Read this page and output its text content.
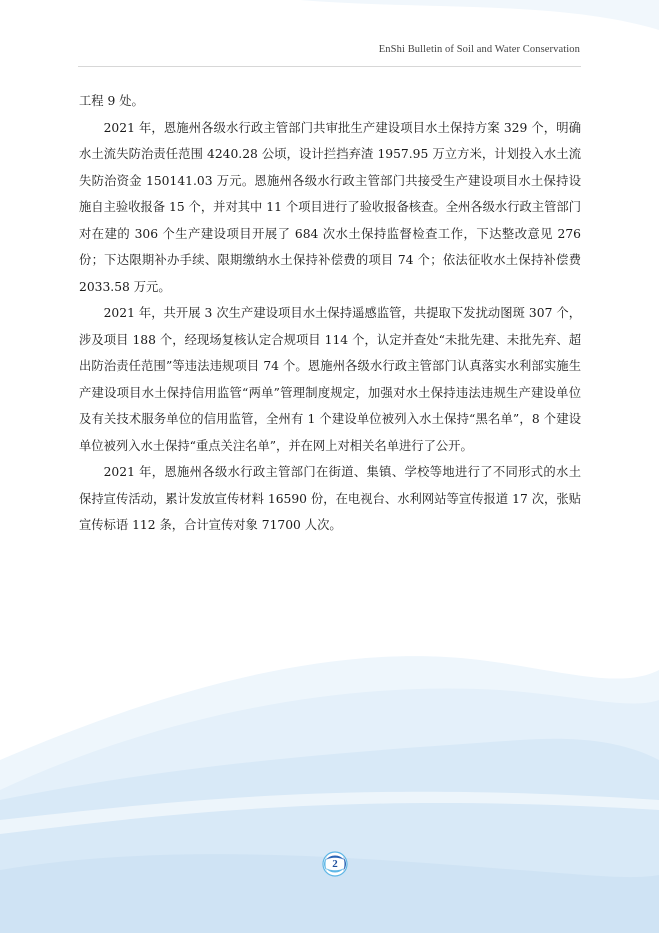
EnShi Bulletin of Soil and Water Conservation

工程 9 处。

2021 年，恩施州各级水行政主管部门共审批生产建设项目水土保持方案 329 个，明确水土流失防治责任范围 4240.28 公顷，设计拦挡弃渣 1957.95 万立方米，计划投入水土流失防治资金 150141.03 万元。恩施州各级水行政主管部门共接受生产建设项目水土保持设施自主验收报备 15 个，并对其中 11 个项目进行了验收报备核查。全州各级水行政主管部门对在建的 306 个生产建设项目开展了 684 次水土保持监督检查工作，下达整改意见 276 份；下达限期补办手续、限期缴纳水土保持补偿费的项目 74 个；依法征收水土保持补偿费 2033.58 万元。

2021 年，共开展 3 次生产建设项目水土保持遥感监管，共提取下发扰动图斑 307 个，涉及项目 188 个，经现场复核认定合规项目 114 个，认定并查处“未批先建、未批先弃、超出防治责任范围”等违法违规项目 74 个。恩施州各级水行政主管部门认真落实水利部实施生产建设项目水土保持信用监管“两单”管理制度规定，加强对水土保持违法违规生产建设单位及有关技术服务单位的信用监管，全州有 1 个建设单位被列入水土保持“黑名单”，8 个建设单位被列入水土保持“重点关注名单”，并在网上对相关名单进行了公开。

2021 年，恩施州各级水行政主管部门在街道、集镇、学校等地进行了不同形式的水土保持宣传活动，累计发放宣传材料 16590 份，在电视台、水利网站等宣传报道 17 次，张贴宣传标语 112 条，合计宣传对象 71700 人次。

2
